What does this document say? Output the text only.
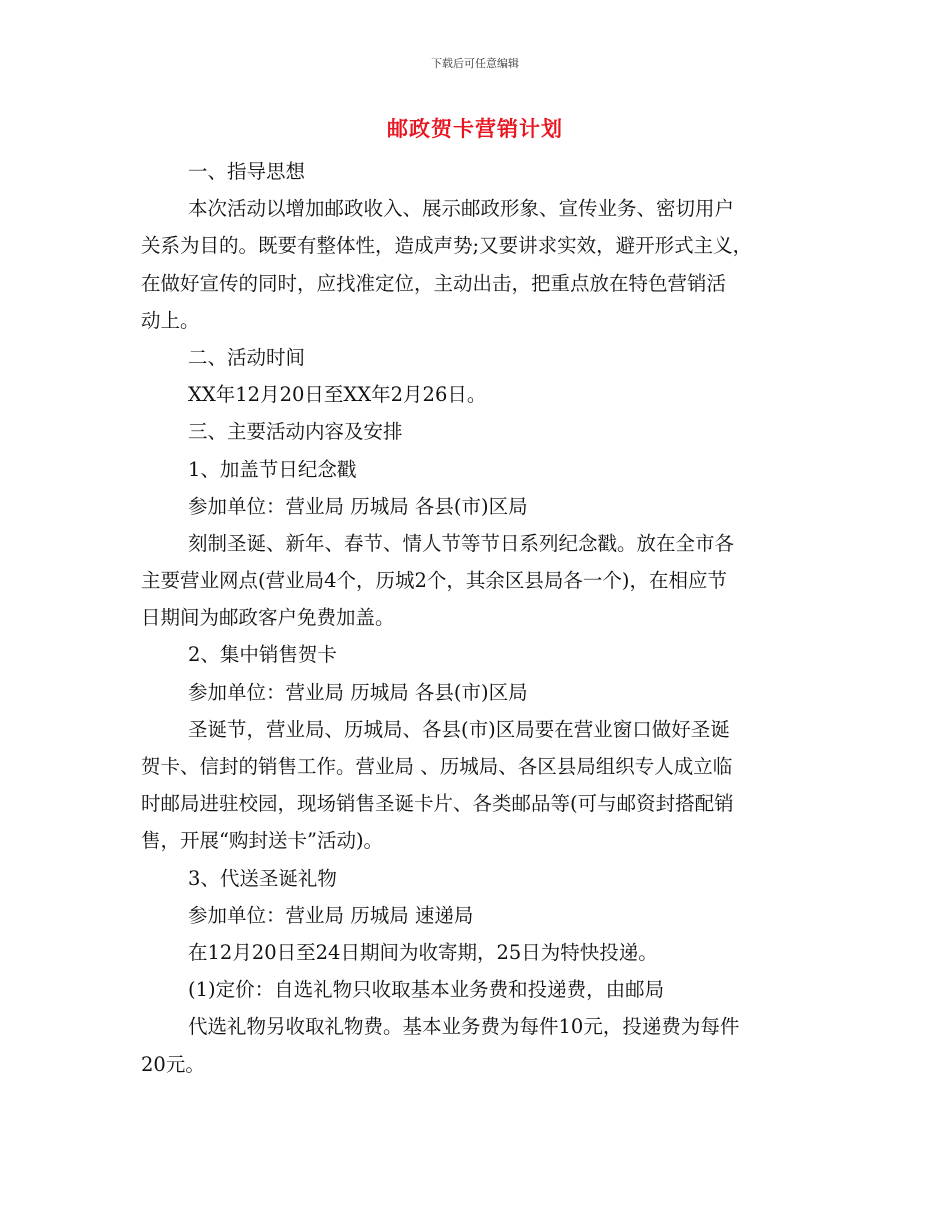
下载后可任意编辑
邮政贺卡营销计划
一、指导思想
本次活动以增加邮政收入、展示邮政形象、宣传业务、密切用户
关系为目的。既要有整体性，造成声势;又要讲求实效，避开形式主义，
在做好宣传的同时，应找准定位，主动出击，把重点放在特色营销活
动上。
二、活动时间
XX年12月20日至XX年2月26日。
三、主要活动内容及安排
1、加盖节日纪念戳
参加单位：营业局 历城局 各县(市)区局
刻制圣诞、新年、春节、情人节等节日系列纪念戳。放在全市各
主要营业网点(营业局4个，历城2个，其余区县局各一个)，在相应节
日期间为邮政客户免费加盖。
2、集中销售贺卡
参加单位：营业局 历城局 各县(市)区局
圣诞节，营业局、历城局、各县(市)区局要在营业窗口做好圣诞
贺卡、信封的销售工作。营业局 、历城局、各区县局组织专人成立临
时邮局进驻校园，现场销售圣诞卡片、各类邮品等(可与邮资封搭配销
售，开展“购封送卡”活动)。
3、代送圣诞礼物
参加单位：营业局 历城局 速递局
在12月20日至24日期间为收寄期，25日为特快投递。
(1)定价：自选礼物只收取基本业务费和投递费，由邮局
代选礼物另收取礼物费。基本业务费为每件10元，投递费为每件
20元。
